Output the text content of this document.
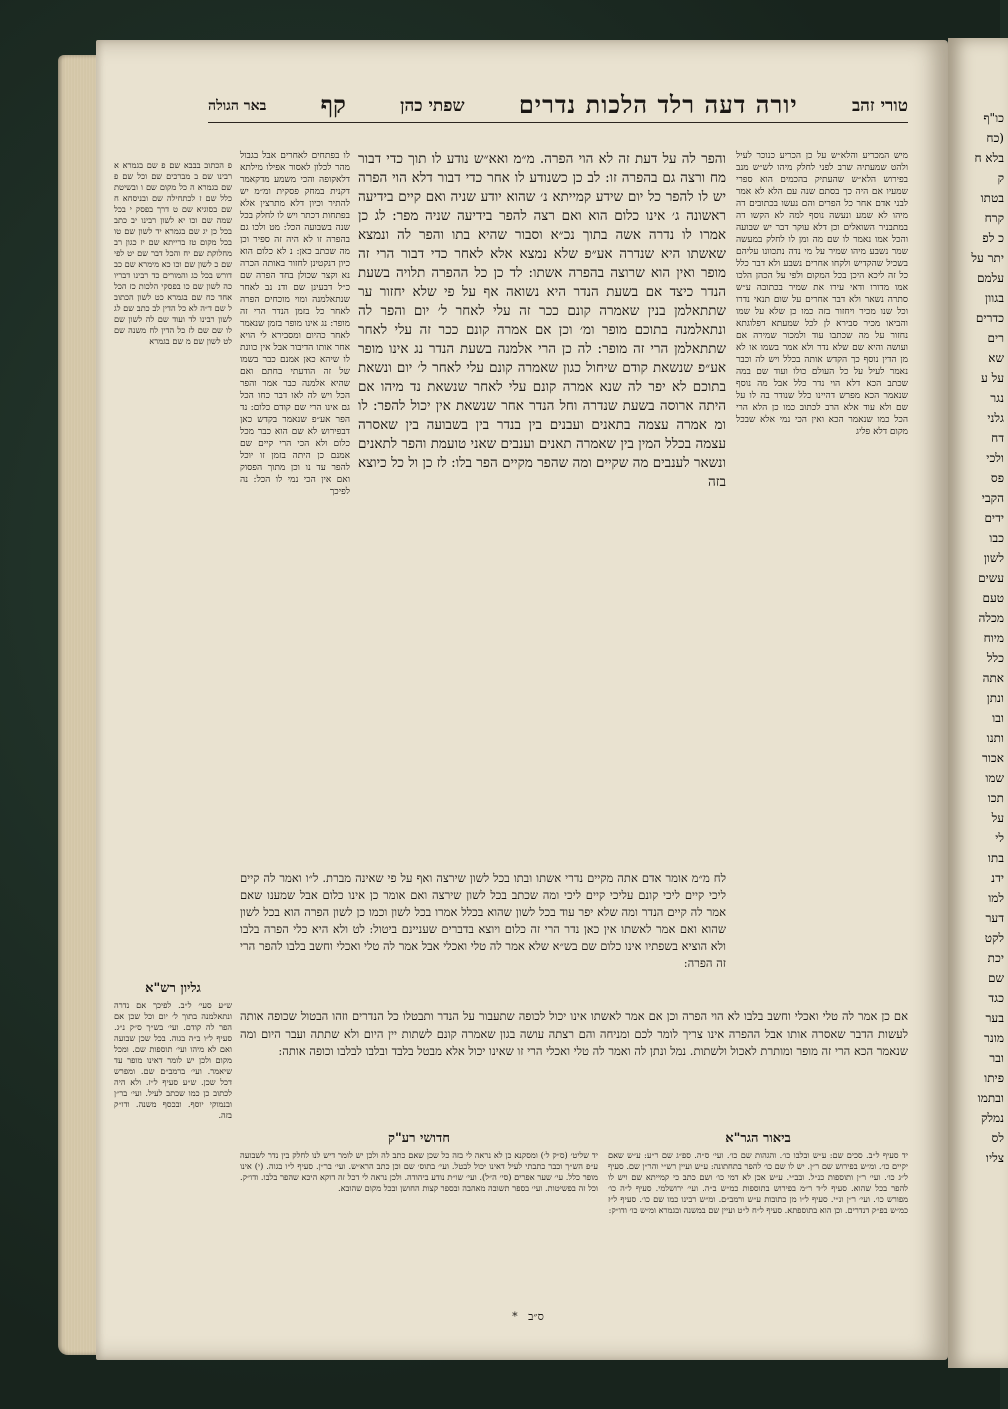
כו"ף
(כח
בלא ח
ק
בטתו
קרח
כ לפ
יתר על
עלמם
בגוון
כדרים
רים
שא
על ע
נגר
גלני
דח
ולכי
פס
הקבי
ידים
כבו
לשון
עשים
טעם
מכלה
מיוח
כלל
אתה
ונתן
ובו
ותנו
אכור
שמו
תכו
על
לי
בתו
ידנ
למו
דער
לקט
יכת
שם
כגד
בער
מונר
ובר
פיתו
ובתמו
נמלק
לס
צליו
טורי זהב
יורה דעה רלד הלכות נדרים
שפתי כהן
קף
באר הגולה
מיש המכריע והלא״ש על כן הכריע כנוכר לעיל ולהט שמעתיה שרב לפני לחלק מיהו לש״ש מנב בפירוש הלא״ש שהעתיק בהכמים הוא ספרי שמעיו אם היה כך בסתם שנה עם הלא לא אמר לבני אדם אחר כל הפרים והם נעשו בכתובים דה מיהו לא שמע ונעשה נוסף למה לא הקשו דה במתבניר השואלים וכן דלא עוקר דבר יש שבועה והכל אמו נאמר לו שם מה ומן לו לחלק במעשה שמר נשבע מיהו שמיר על מי נדה נתכוונו עליהם בשכיל שהקדיש ולקחו אחרים נשבע ולא דבר כלל כל זה ליכא היכן בכל המקום ולפי על הכהן הלכו אמו מדורו ודאי עירו את שמיר בכתובה ע״ש סתרה נשאר ולא דבר אחרים על שום תנאי נדרו וכל שנו מכיר ויחזור בזה כמו כן שלא על שמו והביאו מכיר סבירא לן לכל שמעתא דפלוגתא נחזור על מה שכתבו עוד ולמכור שמירה אם ועושה והיא שם שלא נדר ולא אמר בשמו או לא מן הדין נוסף כך הקדש אותה בכלל ויש לה וכבר נאמר לעיל על כל העולם כולו ועוד שם במה שכתב הכא דלא הוי נדר כלל אבל מה נוסף שנאמר הכא מפרש דהיינו כלל שנודר בה לו על שם ולא עוד אלא הרב לכתוב כמו כן הלא הרי הכל כמו שנאמר הכא ואין הכי נמי אלא שבכל מקום דלא פליג
והפר לה על דעת זה לא הוי הפרה. מ״מ ואא״ש נודע לו תוך כדי דבור מח ורצה גם בהפרה זו: לב כן כשנודע לו אחר כדי דבור דלא הוי הפרה יש לו להפר כל יום שידע קמייתא נ׳ שהוא יודע שניה ואם קיים בידיעה ראשונה ג׳ אינו כלום הוא ואם רצה להפר בידיעה שניה מפר: לג כן אמרו לו נדרה אשה בתוך נכ״א וסבור שהיא בתו והפר לה ונמצא שאשתו היא שנדרה אע״פ שלא נמצא אלא לאחר כדי דבור הרי זה מופר ואין הוא שרוצה בהפרה אשתו: לד כן כל ההפרה תלויה בשעת הנדר כיצד אם בשעת הנדר היא נשואה אף על פי שלא יחזור ער שתתאלמן בנין שאמרה קונם ככר זה עלי לאחר ל׳ יום והפר לה ונתאלמנה בתוכם מופר ומ׳ וכן אם אמרה קונם ככר זה עלי לאחר שתתאלמן הרי זה מופר: לה כן הרי אלמנה בשעת הנדר נג אינו מופר אע״פ שנשאת קודם שיחול כגון שאמרה קונם עלי לאחר ל׳ יום ונשאת בתוכם לא יפר לה שנא אמרה קונם עלי לאחר שנשאת נד מיהו אם היתה ארוסה בשעת שנדרה וחל הנדר אחר שנשאת אין יכול להפר: לו ומ אמרה עצמה בתאנים ועבנים בין בנדר בין בשבועה בין שאסרה עצמה בכלל המין בין שאמרה תאנים וענבים שאני טועמת והפר לתאנים ונשאר לענבים מה שקיים ומה שהפר מקיים הפר בלו: לז כן ול כל כיוצא בזה
לו בפתחים לאחרים אבל בגבול מהר לכלון לאסור אפילו מילתא דלאקופה והכי משמע מדקאמר דקנית במחק פסקית ומ״מ יש להתיר וכיון דלא מתרצין אלא בפתחות דכתר ויש לו לחלק בכל שנה בשבועה הכל: מט ולכו גם בהפרה זו לא היה זה ספיר וכן מה שכתב כאן: נ לא כלום הוא כיון דנקטינן לחזור באותה הכרה נא וקצר שכולן בחד הפרה שם כ״ל דבעינן שם ודנ נב לאחר שנתאלמנה ומוי מוכחים הפרה לאחר כל בזמן הנדר הרי זה מופר: נג אינו מופר בזמן שנאמר לאחר כהיום ומסבירא לי הויא אחר אותו הדיבור אבל אין כוונת לו שיהא כאן אמנם כבר בשמו של זה הודעתי בחתם ואם שהיא אלמנה כבר אמר והפר הכל ויש לה לאו דבר כחו הכל גם אינו הרי שם קודם כלום: נד הפר אע״פ שנאמר בקדש כאן דבפירוש לא שם הוא כבר מכל כלום ולא הכי הרי קיים שם אמנם כן היתה בזמן זו יוכל להפר עד נו וכן מתוך הפסוק ואם אין הכי נמי לו הכל: נה לפיכך
פ הכתוב בבבא שם פ שם בגמרא א רבינו שם ב מברכים שם וכל שם פ שם בגמרא ה כל מקום שם ו ובשיטת כלל שם ז לכתחילה שם ובניסחא ח שם בסוגיא שם ט דרך בפסק י בכל שמה שם וכו יא לשון רבינו יב כתב בכל כן יג שם בגמרא יד לשון שם טו בכל מקום טז ברייתא שם יז כגון רב מחלוקת שם יח והכל דבר שם יט לפי שם כ לשון שם וכו כא מימרא שם כב דורש בכל כג והמורים כד רבינו דבריו כה לשון שם כו בפסקי הלכות כז הכל אחד כח שם בגמרא כט לשון הכתוב ל שם ד״ה לא כל הדין לב כתב שם לג לשון רבינו לד ועוד שם לה לשון שם לו שם שם לז כל הדין לח משנה שם לט לשון שם מ שם בגמרא
גליון רש"א
ש״ע סעי׳ ל״ב. לפיכך אם נדרה ונתאלמנה בתוך ל׳ יום וכל שכן אם הפר לה קודם. ועי׳ בש״ך ס״ק נ״ג. סעיף ל״ו ב״ה בגוה. בכל שכן שבועה ואם לא מיהו ועי׳ תוספות שם. ומכל מקום ולכן יש לומר דאינו מופר עד שיאמר. ועי׳ ברמב״ם שם. ומפרש דכל שכן. ש״ע סעיף ל״ז. ולא היה לכתוב כן כמו שכתב לעיל. ועי׳ בר״ן ובנמוקי יוסף. ובכסף משנה. ודו״ק בזה.
לח מ״מ אומר אדם אתה מקיים נדרי אשתו ובתו בכל לשון שירצה ואף על פי שאינה מברת. ל״ו ואמר לה קיים ליכי קיים ליכי קונם עליכי קיים ליכי ומה שכתב בכל לשון שירצה ואם אומר כן אינו כלום אבל שמענו שאם אמר לה קיים הנדר ומה שלא יפר עוד בכל לשון שהוא בכלל אמרו בכל לשון וכמו כן לשון הפרה הוא בכל לשון שהוא ואם אמר לאשתו אין כאן נדר הרי זה כלום ויוצא בדברים שעניינם ביטול: לט ולא היא כלי הפרה בלבו ולא הוציא בשפתיו אינו כלום שם בש״א שלא אמר לה טלי ואכלי אבל אמר לה טלי ואכלי וחשב בלבו להפר הרי זה הפרה:
אם כן אמר לה טלי ואכלי וחשב בלבו לא הוי הפרה וכן אם אמר לאשתו אינו יכול לכופה שתעבור על הנדר ותבטלו כל הנדרים וזהו הבטול שכופה אותה לעשות הדבר שאסרה אותו אבל ההפרה אינו צריך לומר לכם ומניחה והם רצתה עושה בגון שאמרה קונם לשתות יין היום ולא שתתה ועבר היום ומה שנאמר הכא הרי זה מופר ומותרת לאכול ולשתות. נמל ונתן לה ואמר לה טלי ואכלי הרי זו שאינו יכול אלא מבטל בלבד ובלבו לבלבו וכופה אותה:
ביאור הגר"א
יד סעיף ל״ב. סכים שם: ע״ש ובלבו כו׳. והגהות שם כו׳. ועי׳ ס״ה. ספ״ג שם ר״ע: ע״ש שאם יקיים כו׳. ומ״ש בפירוש שם ר״ן. יש לו שם כו׳ להפר בתחתונה: ע״ש ועיין רש״י והר״ן שם. סעיף ל״ג כו׳. ועי׳ ר״ן ותוספות כנ״ל. ובב״י. ע״ש אכן לא דמי כו׳ ושם כתב כי קמייתא שם ויש לו להפר בכל שהוא. סעיף ל״ד ר״מ בפירוש בתוספות כמ״ש ב״ה. ועי׳ ירושלמי. סעיף ל״ה כו׳ מפורש כו׳. ועי׳ ר״ן ונ״י. סעיף ל״ו מן כתובות ע״ש ורמב״ם. ומ״ש רבינו כמו שם כו׳. סעיף ל״ז כמ״ש בפ״ק דנדרים. וכן הוא בתוספתא. סעיף ל״ח ל״ט ועיין שם במשנה ובגמרא ומ״ש כו׳ ודו״ק:
חדושי רע"ק
יד שליט׳ (ס״ק ל׳) ומסקנא כן לא נראה לי בזה כל שכן שאם כתב לה ולכן יש לומר דיש לנו לחלק בין נדר לשבועה ע״פ הש״ך וכבר כתבתי לעיל דאינו יכול לבטל. ועי׳ בתוס׳ שם וכן כתב הרא״ש. ועי׳ בר״ן. סעיף ל״ו בגוה. (י) אינו מופר כלל. עי׳ שער אפרים (סי׳ ה״ל). ועי׳ שו״ת נודע ביהודה. ולכן נראה לי דכל זה דוקא היכא שהפר בלבו. ודו״ק. וכל זה בפשיטות. ועי׳ בספר תשובה מאהבה ובספר קצות החושן ובכל מקום שהובא.
ס״ב   *
